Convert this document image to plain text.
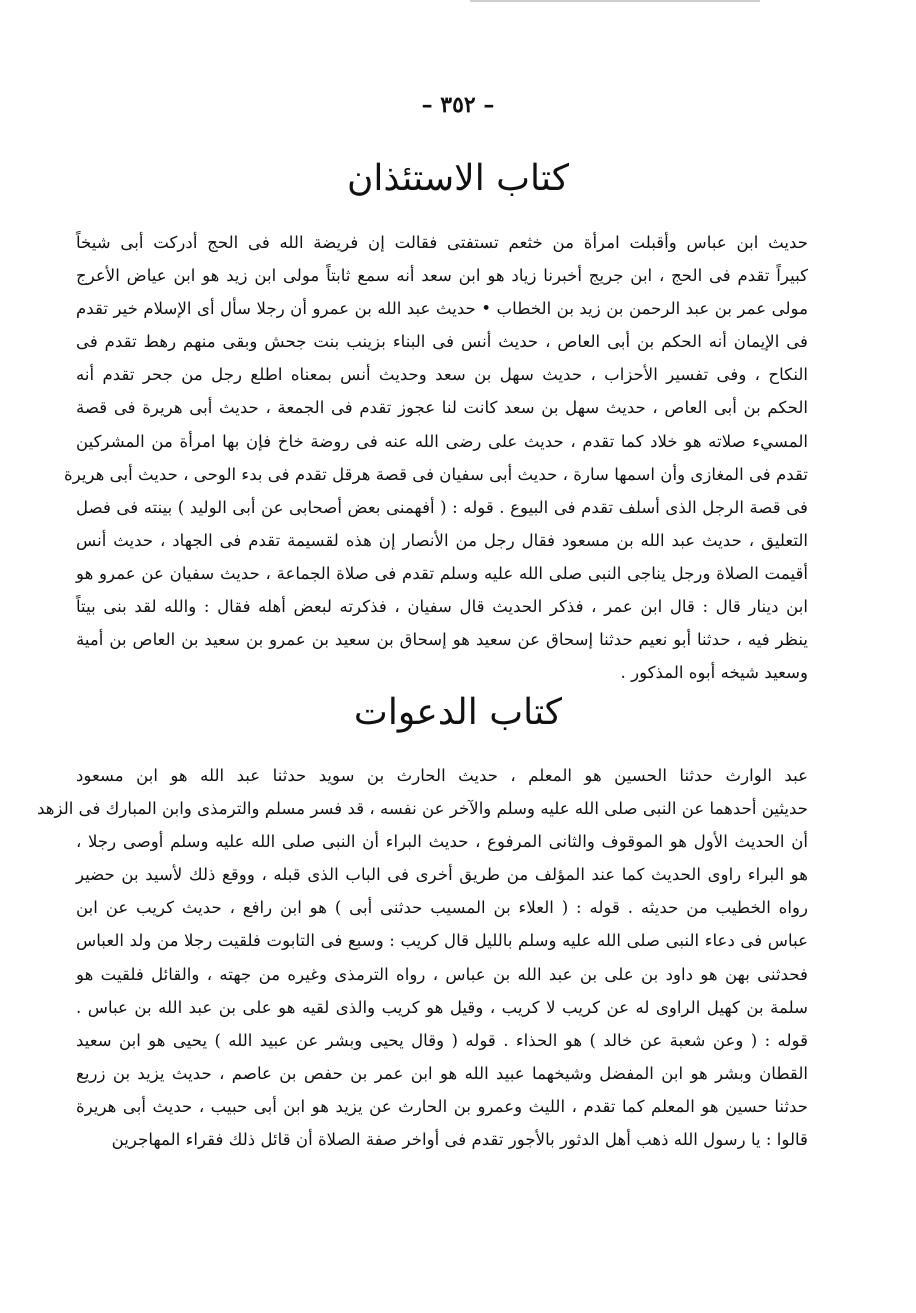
– ٣٥٢ –
كتاب الاستئذان
حديث ابن عباس وأقبلت امرأة من خثعم تستفتى فقالت إن فريضة الله فى الحج أدركت أبى شيخاً
كبيراً تقدم فى الحج ، ابن جريج أخبرنا زياد هو ابن سعد أنه سمع ثابتاً مولى ابن زيد هو ابن عياض الأعرج
مولى عمر بن عبد الرحمن بن زيد بن الخطاب • حديث عبد الله بن عمرو أن رجلا سأل أى الإسلام خير تقدم
فى الإيمان أنه الحكم بن أبى العاص ، حديث أنس فى البناء بزينب بنت جحش وبقى منهم رهط تقدم فى
النكاح ، وفى تفسير الأحزاب ، حديث سهل بن سعد وحديث أنس بمعناه اطلع رجل من جحر تقدم أنه
الحكم بن أبى العاص ، حديث سهل بن سعد كانت لنا عجوز تقدم فى الجمعة ، حديث أبى هريرة فى قصة
المسيء صلاته هو خلاد كما تقدم ، حديث على رضى الله عنه فى روضة خاخ فإن بها امرأة من المشركين
تقدم فى المغازى وأن اسمها سارة ، حديث أبى سفيان فى قصة هرقل تقدم فى بدء الوحى ، حديث أبى هريرة
فى قصة الرجل الذى أسلف تقدم فى البيوع . قوله : ( أفهمنى بعض أصحابى عن أبى الوليد ) بينته فى فصل
التعليق ، حديث عبد الله بن مسعود فقال رجل من الأنصار إن هذه لقسيمة تقدم فى الجهاد ، حديث أنس
أقيمت الصلاة ورجل يناجى النبى صلى الله عليه وسلم تقدم فى صلاة الجماعة ، حديث سفيان عن عمرو هو
ابن دينار قال : قال ابن عمر ، فذكر الحديث قال سفيان ، فذكرته لبعض أهله فقال : والله لقد بنى بيتاً
ينظر فيه ، حدثنا أبو نعيم حدثنا إسحاق عن سعيد هو إسحاق بن سعيد بن عمرو بن سعيد بن العاص بن أمية
وسعيد شيخه أبوه المذكور .
كتاب الدعوات
عبد الوارث حدثنا الحسين هو المعلم ، حديث الحارث بن سويد حدثنا عبد الله هو ابن مسعود
حديثين أحدهما عن النبى صلى الله عليه وسلم والآخر عن نفسه ، قد فسر مسلم والترمذى وابن المبارك فى الزهد
أن الحديث الأول هو الموقوف والثانى المرفوع ، حديث البراء أن النبى صلى الله عليه وسلم أوصى رجلا ،
هو البراء راوى الحديث كما عند المؤلف من طريق أخرى فى الباب الذى قبله ، ووقع ذلك لأسيد بن حضير
رواه الخطيب من حديثه . قوله : ( العلاء بن المسيب حدثنى أبى ) هو ابن رافع ، حديث كريب عن ابن
عباس فى دعاء النبى صلى الله عليه وسلم بالليل قال كريب : وسبع فى التابوت فلقيت رجلا من ولد العباس
فحدثنى بهن هو داود بن على بن عبد الله بن عباس ، رواه الترمذى وغيره من جهته ، والقائل فلقيت هو
سلمة بن كهيل الراوى له عن كريب لا كريب ، وقيل هو كريب والذى لقيه هو على بن عبد الله بن عباس .
قوله : ( وعن شعبة عن خالد ) هو الحذاء . قوله ( وقال يحيى وبشر عن عبيد الله ) يحيى هو ابن سعيد
القطان وبشر هو ابن المفضل وشيخهما عبيد الله هو ابن عمر بن حفص بن عاصم ، حديث يزيد بن زريع
حدثنا حسين هو المعلم كما تقدم ، الليث وعمرو بن الحارث عن يزيد هو ابن أبى حبيب ، حديث أبى هريرة
قالوا : يا رسول الله ذهب أهل الدثور بالأجور تقدم فى أواخر صفة الصلاة أن قائل ذلك فقراء المهاجرين
